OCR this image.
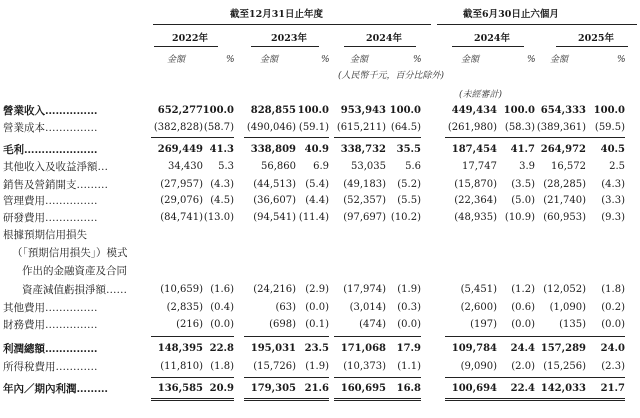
截至12月31日止年度	截至6月30日止六個月
2022年	2023年	2024年	2024年	2025年
金額	%	金額	% 金額	%	金額	% 金額	%
(人民幣千元，百分比除外)
(未經審計)
營業收入……………	652,277 100.0	828,855 100.0	953,943 100.0	449,434 100.0 654,333 100.0
營業成本……………	(382,828) (58.7)	(490,046) (59.1) (615,211) (64.5)	(261,980) (58.3) (389,361) (59.5)
毛利…………………	269,449 41.3	338,809 40.9	338,732	35.5	187,454	41.7 264,972	40.5
其他收入及收益淨額…	34,430	5.3	56,860	6.9	53,035	5.6	17,747	3.9	16,572	2.5
銷售及營銷開支………	(27,957) (4.3)	(44,513) (5.4)	(49,183)	(5.2)	(15,870)	(3.5) (28,285)	(4.3)
管理費用……………	(29,076) (4.5)	(36,607) (4.4)	(52,357)	(5.5)	(22,364)	(5.0) (21,740)	(3.3)
研發費用……………	(84,741) (13.0)	(94,541) (11.4)	(97,697) (10.2)	(48,935) (10.9) (60,953)	(9.3)
根據預期信用損失
（「預期信用損失」）模式
作出的金融資產及合同
資產減值虧損淨額……	(10,659) (1.6)	(24,216) (2.9)	(17,974)	(1.9)	(5,451)	(1.2) (12,052)	(1.8)
其他費用……………	(2,835) (0.4)	(63) (0.0)	(3,014)	(0.3)	(2,600)	(0.6)	(1,090)	(0.2)
財務費用……………	(216) (0.0)	(698) (0.1)	(474)	(0.0)	(197)	(0.0)	(135)	(0.0)
利潤總額……………	148,395 22.8	195,031 23.5	171,068	17.9	109,784	24.4 157,289	24.0
所得稅費用…………	(11,810) (1.8)	(15,726) (1.9)	(10,373)	(1.1)	(9,090)	(2.0) (15,256)	(2.3)
年內／期內利潤………	136,585 20.9	179,305 21.6	160,695	16.8	100,694	22.4 142,033	21.7
